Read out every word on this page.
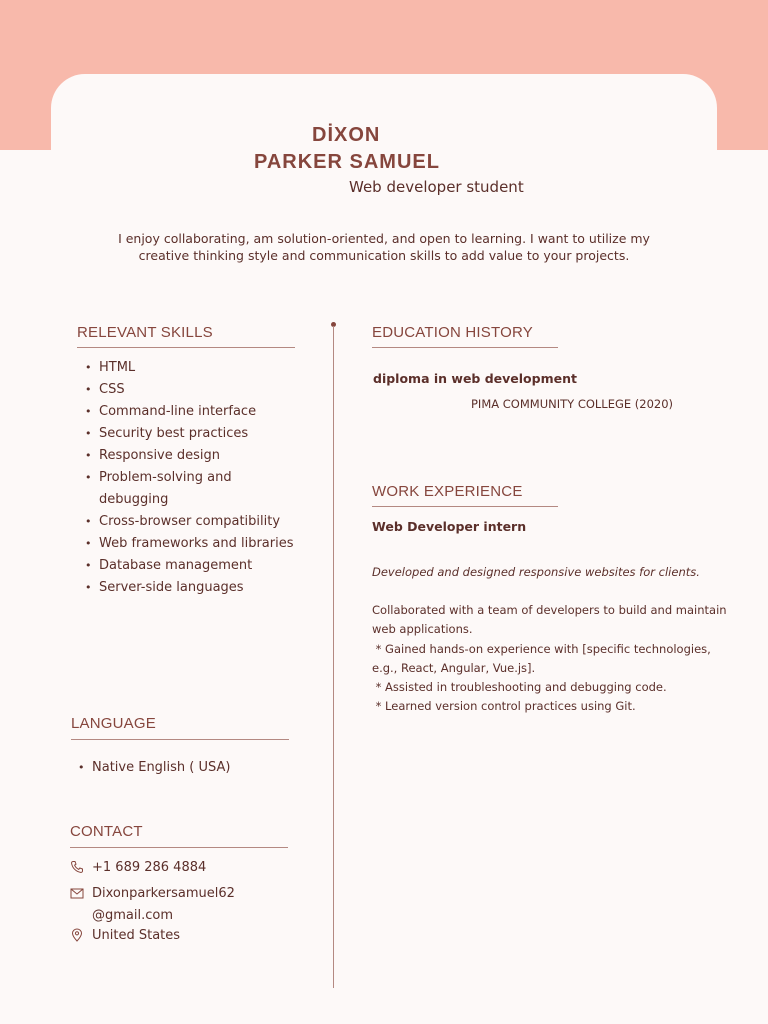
DİXON
PARKER SAMUEL

Web developer student

I enjoy collaborating, am solution-oriented, and open to learning. I want to utilize my creative thinking style and communication skills to add value to your projects.

RELEVANT SKILLS
• HTML
• CSS
• Command-line interface
• Security best practices
• Responsive design
• Problem-solving and
debugging
• Cross-browser compatibility
• Web frameworks and libraries
• Database management
• Server-side languages
LANGUAGE
• Native English ( USA)
CONTACT
+1 689 286 4884
Dixonparkersamuel62
@gmail.com
United States
EDUCATION HISTORY

diploma in web development

PIMA COMMUNITY COLLEGE (2020)

WORK EXPERIENCE

Web Developer intern

Developed and designed responsive websites for clients.

Collaborated with a team of developers to build and maintain
web applications.
* Gained hands-on experience with [specific technologies,
e.g., React, Angular, Vue.js].
* Assisted in troubleshooting and debugging code.
* Learned version control practices using Git.
